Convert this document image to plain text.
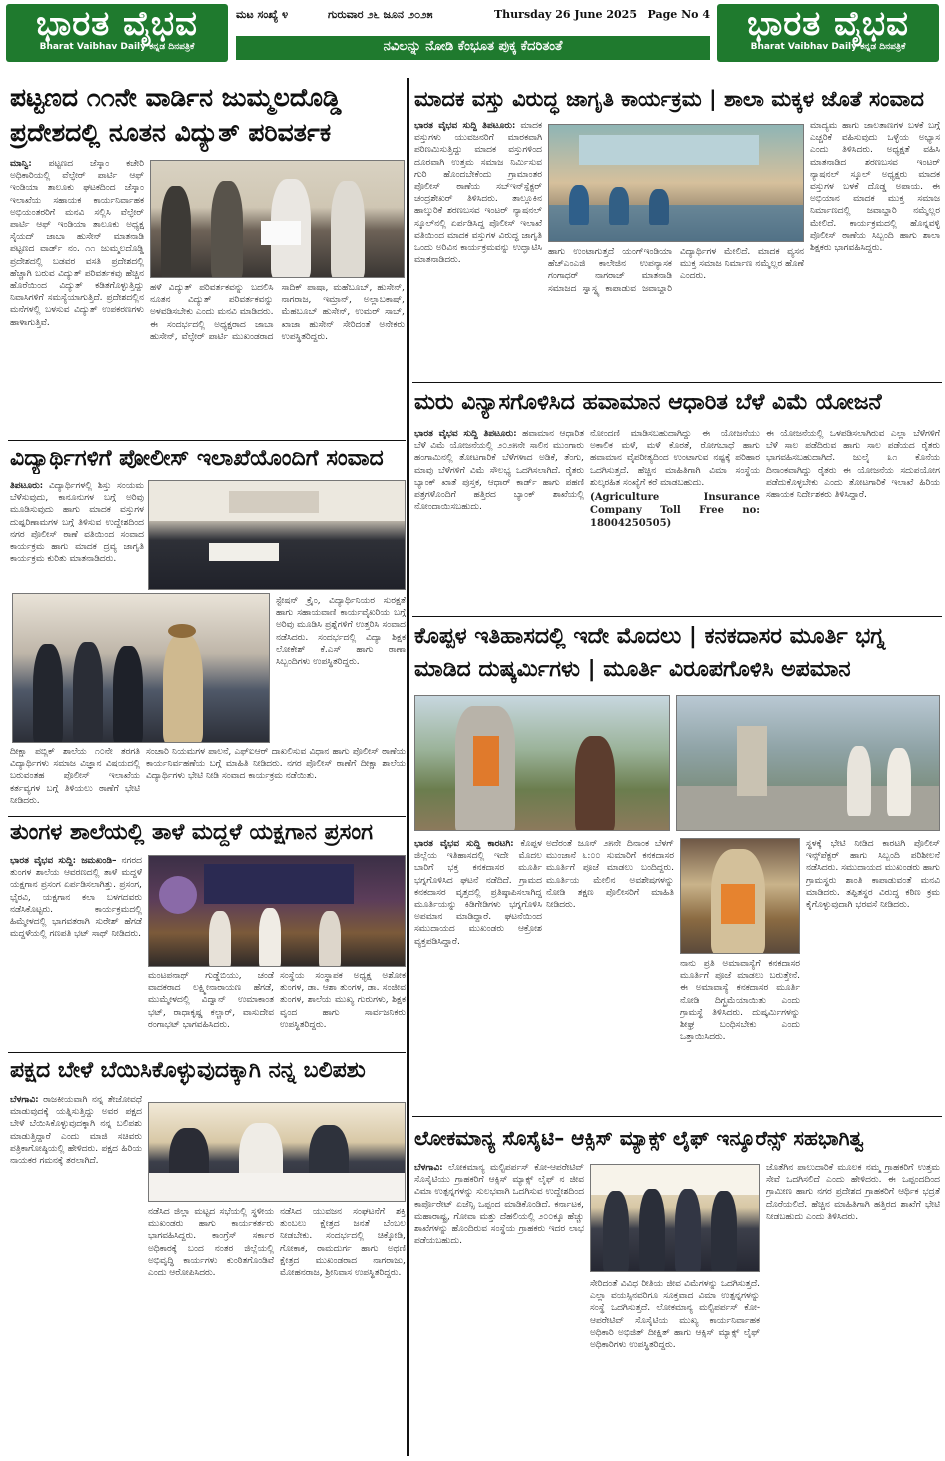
ಭಾರತ ವೈಭವ
Bharat Vaibhav Daily ಕನ್ನಡ ದಿನಪತ್ರಿಕೆ
ಭಾರತ ವೈಭವ
Bharat Vaibhav Daily ಕನ್ನಡ ದಿನಪತ್ರಿಕೆ
ಮಟ ಸಂಖ್ಯೆ ೪	ಗುರುವಾರ ೨೬ ಜೂನ ೨೦೨೫	Thursday 26 June 2025 Page No 4
ನವಿಲನ್ನು ನೋಡಿ ಕೆಂಭೂತ ಪುಕ್ಕ ಕೆದರಿತಂತೆ
ಪಟ್ಟಣದ ೧೧ನೇ ವಾರ್ಡಿನ ಜುಮ್ಮಲದೊಡ್ಡಿ ಪ್ರದೇಶದಲ್ಲಿ ನೂತನ ವಿದ್ಯುತ್ ಪರಿವರ್ತಕ
ಮಾನ್ವಿ: ಪಟ್ಟಣದ ಜೆಸ್ಕಾಂ ಕಚೇರಿ ಅಧಿಕಾರಿಯಲ್ಲಿ ವೆಲ್ಫೇರ್ ಪಾರ್ಟಿ ಆಫ್ ಇಂಡಿಯಾ ತಾಲೂಕು ಘಟಕದಿಂದ ಜೆಸ್ಕಾಂ ಇಲಾಖೆಯ ಸಹಾಯಕ ಕಾರ್ಯನಿರ್ವಾಹಕ ಅಭಿಯಂತರರಿಗೆ ಮನವಿ ಸಲ್ಲಿಸಿ ವೆಲ್ಫೇರ್ ಪಾರ್ಟಿ ಆಫ್ ಇಂಡಿಯಾ ತಾಲೂಕು ಅಧ್ಯಕ್ಷ ಸೈಯದ್ ಜಾಬಾ ಹುಸೇನ್ ಮಾತನಾಡಿ ಪಟ್ಟಣದ ವಾರ್ಡ್ ನಂ. ೧೧ ಜುಮ್ಮಲದೊಡ್ಡಿ ಪ್ರದೇಶದಲ್ಲಿ ಬಡವರ ವಸತಿ ಪ್ರದೇಶದಲ್ಲಿ ಹೆಚ್ಚಾಗಿ ಬರುವ ವಿದ್ಯುತ್ ಪರಿವರ್ತಕವು ಹೆಚ್ಚಿನ ಹೊರೆಯಿಂದ ವಿದ್ಯುತ್ ಕಡಿತಗೊಳ್ಳುತ್ತಿದ್ದು ನಿವಾಸಿಗಳಿಗೆ ಸಮಸ್ಯೆಯಾಗುತ್ತಿದೆ. ಪ್ರದೇಶದಲ್ಲಿನ ಮನೆಗಳಲ್ಲಿ ಬಳಸುವ ವಿದ್ಯುತ್ ಉಪಕರಣಗಳು ಹಾಳಾಗುತ್ತಿವೆ.
ಹಳೆ ವಿದ್ಯುತ್ ಪರಿವರ್ತಕವನ್ನು ಬದಲಿಸಿ ನೂತನ ವಿದ್ಯುತ್ ಪರಿವರ್ತಕವನ್ನು ಅಳವಡಿಸಬೇಕು ಎಂದು ಮನವಿ ಮಾಡಿದರು. ಈ ಸಂದರ್ಭದಲ್ಲಿ ಅಧ್ಯಕ್ಷರಾದ ಜಾಬಾ ಹುಸೇನ್, ವೆಲ್ಫೇರ್ ಪಾರ್ಟಿ ಮುಖಂಡರಾದ ಸಾದಿಕ್ ಪಾಷಾ, ಮಹೆಬೂಬ್, ಹುಸೇನ್, ನಾಗರಾಜ, ಇಮ್ರಾನ್, ಅಲ್ಲಾಬಕಾಷ್, ಮೆಹಬೂಬ್ ಹುಸೇನ್, ಉಮರ್ ಸಾಬ್, ಖಾಜಾ ಹುಸೇನ್ ಸೇರಿದಂತೆ ಅನೇಕರು ಉಪಸ್ಥಿತರಿದ್ದರು.
ವಿದ್ಯಾರ್ಥಿಗಳಿಗೆ ಪೋಲೀಸ್ ಇಲಾಖೆಯೊಂದಿಗೆ ಸಂವಾದ
ತಿಪಟೂರು: ವಿದ್ಯಾರ್ಥಿಗಳಲ್ಲಿ ಶಿಸ್ತು ಸಂಯಮ ಬೆಳೆಸುವುದು, ಕಾನೂನುಗಳ ಬಗ್ಗೆ ಅರಿವು ಮೂಡಿಸುವುದು ಹಾಗು ಮಾದಕ ವಸ್ತುಗಳ ದುಷ್ಪರಿಣಾಮಗಳ ಬಗ್ಗೆ ತಿಳಿಸುವ ಉದ್ದೇಶದಿಂದ ನಗರ ಪೊಲೀಸ್ ಠಾಣೆ ವತಿಯಿಂದ ಸಂವಾದ ಕಾರ್ಯಕ್ರಮ ಹಾಗು ಮಾದಕ ದ್ರವ್ಯ ಜಾಗೃತಿ ಕಾರ್ಯಕ್ರಮ ಕುರಿತು ಮಾತನಾಡಿದರು.
ಸ್ಟೇಷನ್ ಕ್ರೈಂ, ವಿದ್ಯಾರ್ಥಿನಿಯರ ಸುರಕ್ಷತೆ ಹಾಗು ಸಹಾಯವಾಣಿ ಕಾರ್ಯವೈಖರಿಯ ಬಗ್ಗೆ ಅರಿವು ಮೂಡಿಸಿ ಪ್ರಶ್ನೆಗಳಿಗೆ ಉತ್ತರಿಸಿ ಸಂವಾದ ನಡೆಸಿದರು. ಸಂದರ್ಭದಲ್ಲಿ ವಿದ್ಯಾ ಶಿಕ್ಷಕ ಲೋಕೇಶ್ ಕೆ.ಎಸ್ ಹಾಗು ಠಾಣಾ ಸಿಬ್ಬಂದಿಗಳು ಉಪಸ್ಥಿತರಿದ್ದರು.
ದೀಕ್ಷಾ ಪಬ್ಲಿಕ್ ಶಾಲೆಯ ೧೦ನೇ ತರಗತಿ ವಿದ್ಯಾರ್ಥಿಗಳು ಸಮಾಜ ವಿಜ್ಞಾನ ವಿಷಯದಲ್ಲಿ ಬರುವಂತಹ ಪೊಲೀಸ್ ಇಲಾಖೆಯ ಕರ್ತವ್ಯಗಳ ಬಗ್ಗೆ ತಿಳಿಯಲು ಠಾಣೆಗೆ ಭೇಟಿ ನೀಡಿದರು.
ಸಂಚಾರಿ ನಿಯಮಗಳ ಪಾಲನೆ, ಎಫ್‌ಐಆರ್ ದಾಖಲಿಸುವ ವಿಧಾನ ಹಾಗು ಪೊಲೀಸ್ ಠಾಣೆಯ ಕಾರ್ಯನಿರ್ವಹಣೆಯ ಬಗ್ಗೆ ಮಾಹಿತಿ ನೀಡಿದರು. ನಗರ ಪೊಲೀಸ್ ಠಾಣೆಗೆ ದೀಕ್ಷಾ ಶಾಲೆಯ ವಿದ್ಯಾರ್ಥಿಗಳು ಭೇಟಿ ನೀಡಿ ಸಂವಾದ ಕಾರ್ಯಕ್ರಮ ನಡೆಯಿತು.
ತುಂಗಳ ಶಾಲೆಯಲ್ಲಿ ತಾಳೆ ಮದ್ದಳೆ ಯಕ್ಷಗಾನ ಪ್ರಸಂಗ
ಭಾರತ ವೈಭವ ಸುದ್ದಿ: ಜಮಖಂಡಿ– ನಗರದ ತುಂಗಳ ಶಾಲೆಯ ಆವರಣದಲ್ಲಿ ತಾಳೆ ಮದ್ದಳೆ ಯಕ್ಷಗಾನ ಪ್ರಸಂಗ ಏರ್ಪಡಿಸಲಾಗಿತ್ತು. ಪ್ರಸಂಗ, ಭೈರವಿ, ಯಕ್ಷಗಾನ ಕಲಾ ಬಳಗದವರು ನಡೆಸಿಕೊಟ್ಟರು. ಕಾರ್ಯಕ್ರಮದಲ್ಲಿ ಹಿಮ್ಮೇಳದಲ್ಲಿ ಭಾಗವತರಾಗಿ ಸುರೇಶ್ ಹೆಗಡೆ ಮದ್ದಳೆಯಲ್ಲಿ ಗಣಪತಿ ಭಟ್ ಸಾಥ್ ನೀಡಿದರು.
ಮಂಟಪನಾಥ್ ಗುಡ್ಡೆಬಿಯು, ಚಂಡೆ ವಾದಕರಾದ ಲಕ್ಷ್ಮೀನಾರಾಯಣ ಹೆಗಡೆ, ಮುಮ್ಮೇಳದಲ್ಲಿ ವಿದ್ವಾನ್ ಉಮಾಕಾಂತ ಭಟ್, ರಾಧಾಕೃಷ್ಣ ಕಲ್ಚಾರ್, ವಾಸುದೇವ ರಂಗಾಭಟ್ ಭಾಗವಹಿಸಿದರು.
ಸಂಸ್ಥೆಯ ಸಂಸ್ಥಾಪಕ ಅಧ್ಯಕ್ಷ ಅಶೋಕ ತುಂಗಳ, ಡಾ. ಆಶಾ ತುಂಗಳ, ಡಾ. ಸಂಜೀವ ತುಂಗಳ, ಶಾಲೆಯ ಮುಖ್ಯ ಗುರುಗಳು, ಶಿಕ್ಷಕ ವೃಂದ ಹಾಗು ಸಾರ್ವಜನಿಕರು ಉಪಸ್ಥಿತರಿದ್ದರು.
ಪಕ್ಷದ ಬೇಳೆ ಬೆಯಿಸಿಕೊಳ್ಳುವುದಕ್ಕಾಗಿ ನನ್ನ ಬಲಿಪಶು
ಬೆಳಗಾವಿ: ರಾಜಕೀಯವಾಗಿ ನನ್ನ ತೇಜೋವಧೆ ಮಾಡುವುದಕ್ಕೆ ಯತ್ನಿಸುತ್ತಿದ್ದು ಅವರ ಪಕ್ಷದ ಬೇಳೆ ಬೆಯಿಸಿಕೊಳ್ಳುವುದಕ್ಕಾಗಿ ನನ್ನ ಬಲಿಪಶು ಮಾಡುತ್ತಿದ್ದಾರೆ ಎಂದು ಮಾಜಿ ಸಚಿವರು ಪತ್ರಿಕಾಗೋಷ್ಠಿಯಲ್ಲಿ ಹೇಳಿದರು. ಪಕ್ಷದ ಹಿರಿಯ ನಾಯಕರ ಗಮನಕ್ಕೆ ತರಲಾಗಿದೆ.
ನಡೆಸಿದ ಜಿಲ್ಲಾ ಮಟ್ಟದ ಸಭೆಯಲ್ಲಿ ಸ್ಥಳೀಯ ಮುಖಂಡರು ಹಾಗು ಕಾರ್ಯಕರ್ತರು ಭಾಗವಹಿಸಿದ್ದರು. ಕಾಂಗ್ರೆಸ್ ಸರ್ಕಾರ ಅಧಿಕಾರಕ್ಕೆ ಬಂದ ನಂತರ ಜಿಲ್ಲೆಯಲ್ಲಿ ಅಭಿವೃದ್ಧಿ ಕಾರ್ಯಗಳು ಕುಂಠಿತಗೊಂಡಿವೆ ಎಂದು ಆರೋಪಿಸಿದರು.
ನಡೆಸಿದ ಯುವಜನ ಸಂಘಟನೆಗೆ ಶಕ್ತಿ ತುಂಬಲು ಕ್ಷೇತ್ರದ ಜನತೆ ಬೆಂಬಲ ನೀಡಬೇಕು. ಸಂದರ್ಭದಲ್ಲಿ ಚಿಕ್ಕೋಡಿ, ಗೋಕಾಕ, ರಾಮದುರ್ಗ ಹಾಗು ಅಥಣಿ ಕ್ಷೇತ್ರದ ಮುಖಂಡರಾದ ನಾಗರಾಜು, ಮೋಹನರಾಜ, ಶ್ರೀನಿವಾಸ ಉಪಸ್ಥಿತರಿದ್ದರು.
ಮಾದಕ ವಸ್ತು ವಿರುದ್ಧ ಜಾಗೃತಿ ಕಾರ್ಯಕ್ರಮ | ಶಾಲಾ ಮಕ್ಕಳ ಜೊತೆ ಸಂವಾದ
ಭಾರತ ವೈಭವ ಸುದ್ದಿ ತಿಪಟೂರು: ಮಾದಕ ವಸ್ತುಗಳು ಯುವಜನರಿಗೆ ಮಾರಕವಾಗಿ ಪರಿಣಮಿಸುತ್ತಿದ್ದು ಮಾದಕ ವಸ್ತುಗಳಿಂದ ದೂರವಾಗಿ ಉತ್ತಮ ಸಮಾಜ ನಿರ್ಮಿಸುವ ಗುರಿ ಹೊಂದಬೇಕೆಂದು ಗ್ರಾಮಾಂತರ ಪೊಲೀಸ್ ಠಾಣೆಯ ಸಬ್‌ಇನ್‌ಸ್ಪೆಕ್ಟರ್ ಚಂದ್ರಶೇಖರ್ ತಿಳಿಸಿದರು. ತಾಲ್ಲೂಕಿನ ಹಾಲ್ಕುರಿಕೆ ಶರಣಬಸವ ಇಂಟರ್ ನ್ಯಾಷನಲ್ ಸ್ಕೂಲ್‌ನಲ್ಲಿ ಏರ್ಪಡಿಸಿದ್ದ ಪೊಲೀಸ್ ಇಲಾಖೆ ವತಿಯಿಂದ ಮಾದಕ ವಸ್ತುಗಳ ವಿರುದ್ಧ ಜಾಗೃತಿ ಒಂದು ಅರಿವಿನ ಕಾರ್ಯಕ್ರಮವನ್ನು ಉದ್ಘಾಟಿಸಿ ಮಾತನಾಡಿದರು.
ಹಾಗು ಉಂಟಾಗುತ್ತದೆ ಯಂಗ್ಇಂಡಿಯಾ ಹೆಚ್‌ಎಂಎಜಿ ಕಾಲೇಜಿನ ಉಪನ್ಯಾಸಕ ಗಂಗಾಧರ್ ನಾಗರಾಜ್ ಮಾತನಾಡಿ ಸಮಾಜದ ಸ್ವಾಸ್ಥ್ಯ ಕಾಪಾಡುವ ಜವಾಬ್ದಾರಿ ವಿದ್ಯಾರ್ಥಿಗಳ ಮೇಲಿದೆ. ಮಾದಕ ವ್ಯಸನ ಮುಕ್ತ ಸಮಾಜ ನಿರ್ಮಾಣ ನಮ್ಮೆಲ್ಲರ ಹೊಣೆ ಎಂದರು.
ಮಾದ್ಯಮ ಹಾಗು ಜಾಲತಾಣಗಳ ಬಳಕೆ ಬಗ್ಗೆ ಎಚ್ಚರಿಕೆ ವಹಿಸುವುದು ಒಳ್ಳೆಯ ಅಭ್ಯಾಸ ಎಂದು ತಿಳಿಸಿದರು. ಅಧ್ಯಕ್ಷತೆ ವಹಿಸಿ ಮಾತನಾಡಿದ ಶರಣಬಸವ ಇಂಟರ್ ನ್ಯಾಷನಲ್ ಸ್ಕೂಲ್ ಅಧ್ಯಕ್ಷರು ಮಾದಕ ವಸ್ತುಗಳ ಬಳಕೆ ದೊಡ್ಡ ಅಪಾಯ. ಈ ಅಭಿಯಾನ ಮಾದಕ ಮುಕ್ತ ಸಮಾಜ ನಿರ್ಮಾಣದಲ್ಲಿ ಜವಾಬ್ದಾರಿ ನಮ್ಮೆಲ್ಲರ ಮೇಲಿದೆ. ಕಾರ್ಯಕ್ರಮದಲ್ಲಿ ಹೊನ್ನವಳ್ಳಿ ಪೊಲೀಸ್ ಠಾಣೆಯ ಸಿಬ್ಬಂದಿ ಹಾಗು ಶಾಲಾ ಶಿಕ್ಷಕರು ಭಾಗವಹಿಸಿದ್ದರು.
ಮರು ವಿನ್ಯಾಸಗೊಳಿಸಿದ ಹವಾಮಾನ ಆಧಾರಿತ ಬೆಳೆ ವಿಮೆ ಯೋಜನೆ
ಭಾರತ ವೈಭವ ಸುದ್ದಿ ತಿಪಟೂರು: ಹವಾಮಾನ ಆಧಾರಿತ ಬೆಳೆ ವಿಮೆ ಯೋಜನೆಯಲ್ಲಿ ೨೦೨೫ನೇ ಸಾಲಿನ ಮುಂಗಾರು ಹಂಗಾಮಿನಲ್ಲಿ ತೋಟಗಾರಿಕೆ ಬೆಳೆಗಳಾದ ಅಡಿಕೆ, ತೆಂಗು, ಮಾವು ಬೆಳೆಗಳಿಗೆ ವಿಮೆ ಸೌಲಭ್ಯ ಒದಗಿಸಲಾಗಿದೆ. ರೈತರು ಬ್ಯಾಂಕ್ ಖಾತೆ ಪುಸ್ತಕ, ಆಧಾರ್ ಕಾರ್ಡ್ ಹಾಗು ಪಹಣಿ ಪತ್ರಗಳೊಂದಿಗೆ ಹತ್ತಿರದ ಬ್ಯಾಂಕ್ ಶಾಖೆಯಲ್ಲಿ ನೋಂದಾಯಿಸಬಹುದು.
ನೋಂದಣಿ ಮಾಡಿಸಬಹುದಾಗಿದ್ದು ಈ ಯೋಜನೆಯು ಅಕಾಲಿಕ ಮಳೆ, ಮಳೆ ಕೊರತೆ, ರೋಗಬಾಧೆ ಹಾಗು ಹವಾಮಾನ ವೈಪರೀತ್ಯದಿಂದ ಉಂಟಾಗುವ ನಷ್ಟಕ್ಕೆ ಪರಿಹಾರ ಒದಗಿಸುತ್ತದೆ. ಹೆಚ್ಚಿನ ಮಾಹಿತಿಗಾಗಿ ವಿಮಾ ಸಂಸ್ಥೆಯ ಶುಲ್ಕರಹಿತ ಸಂಖ್ಯೆಗೆ ಕರೆ ಮಾಡಬಹುದು.
(Agriculture Insurance Company Toll Free no: 18004250505)
ಈ ಯೋಜನೆಯಲ್ಲಿ ಒಳಪಡಿಸಲಾಗಿರುವ ಎಲ್ಲಾ ಬೆಳೆಗಳಿಗೆ ಬೆಳೆ ಸಾಲ ಪಡೆದಿರುವ ಹಾಗು ಸಾಲ ಪಡೆಯದ ರೈತರು ಭಾಗವಹಿಸಬಹುದಾಗಿದೆ. ಜುಲೈ ೩೧ ಕೊನೆಯ ದಿನಾಂಕವಾಗಿದ್ದು ರೈತರು ಈ ಯೋಜನೆಯ ಸದುಪಯೋಗ ಪಡೆದುಕೊಳ್ಳಬೇಕು ಎಂದು ತೋಟಗಾರಿಕೆ ಇಲಾಖೆ ಹಿರಿಯ ಸಹಾಯಕ ನಿರ್ದೇಶಕರು ತಿಳಿಸಿದ್ದಾರೆ.
ಕೊಪ್ಪಳ ಇತಿಹಾಸದಲ್ಲಿ ಇದೇ ಮೊದಲು | ಕನಕದಾಸರ ಮೂರ್ತಿ ಭಗ್ನ ಮಾಡಿದ ದುಷ್ಕರ್ಮಿಗಳು | ಮೂರ್ತಿ ವಿರೂಪಗೊಳಿಸಿ ಅಪಮಾನ
ಭಾರತ ವೈಭವ ಸುದ್ದಿ ಕಾರಟಗಿ: ಕೊಪ್ಪಳ ಜಿಲ್ಲೆಯ ಇತಿಹಾಸದಲ್ಲಿ ಇದೇ ಮೊದಲ ಬಾರಿಗೆ ಭಕ್ತ ಕನಕದಾಸರ ಮೂರ್ತಿ ಭಗ್ನಗೊಳಿಸಿದ ಘಟನೆ ನಡೆದಿದೆ. ಗ್ರಾಮದ ಕನಕದಾಸರ ವೃತ್ತದಲ್ಲಿ ಪ್ರತಿಷ್ಠಾಪಿಸಲಾಗಿದ್ದ ಮೂರ್ತಿಯನ್ನು ಕಿಡಿಗೇಡಿಗಳು ಭಗ್ನಗೊಳಿಸಿ ಅಪಮಾನ ಮಾಡಿದ್ದಾರೆ. ಘಟನೆಯಿಂದ ಸಮುದಾಯದ ಮುಖಂಡರು ಆಕ್ರೋಶ ವ್ಯಕ್ತಪಡಿಸಿದ್ದಾರೆ.
ಅದೆರಂತೆ ಜೂನ್ ೨೫ನೇ ದಿನಾಂಕ ಬೆಳಗ್ ಮುಂಜಾನೆ ೬:೦೦ ಸುಮಾರಿಗೆ ಕನಕದಾಸರ ಮೂರ್ತಿಗೆ ಪೂಜೆ ಮಾಡಲು ಬಂದಿದ್ದರು. ಮೂರ್ತಿಯ ಮೇಲಿನ ಅವಶೇಷಗಳನ್ನು ನೋಡಿ ತಕ್ಷಣ ಪೊಲೀಸರಿಗೆ ಮಾಹಿತಿ ನೀಡಿದರು.
ನಾನು ಪ್ರತಿ ಅಮಾವಾಸ್ಯೆಗೆ ಕನಕದಾಸರ ಮೂರ್ತಿಗೆ ಪೂಜೆ ಮಾಡಲು ಬರುತ್ತೇನೆ. ಈ ಅಮಾವಾಸ್ಯೆ ಕನಕದಾಸರ ಮೂರ್ತಿ ನೋಡಿ ದಿಗ್ಭ್ರಮೆಯಾಯಿತು ಎಂದು ಗ್ರಾಮಸ್ಥೆ ತಿಳಿಸಿದರು. ದುಷ್ಕರ್ಮಿಗಳನ್ನು ಶೀಘ್ರ ಬಂಧಿಸಬೇಕು ಎಂದು ಒತ್ತಾಯಿಸಿದರು.
ಸ್ಥಳಕ್ಕೆ ಭೇಟಿ ನೀಡಿದ ಕಾರಟಗಿ ಪೊಲೀಸ್ ಇನ್ಸ್‌ಪೆಕ್ಟರ್ ಹಾಗು ಸಿಬ್ಬಂದಿ ಪರಿಶೀಲನೆ ನಡೆಸಿದರು. ಸಮುದಾಯದ ಮುಖಂಡರು ಹಾಗು ಗ್ರಾಮಸ್ಥರು ಶಾಂತಿ ಕಾಪಾಡುವಂತೆ ಮನವಿ ಮಾಡಿದರು. ತಪ್ಪಿತಸ್ಥರ ವಿರುದ್ಧ ಕಠಿಣ ಕ್ರಮ ಕೈಗೊಳ್ಳುವುದಾಗಿ ಭರವಸೆ ನೀಡಿದರು.
ಲೋಕಮಾನ್ಯ ಸೊಸೈಟಿ– ಆಕ್ಸಿಸ್ ಮ್ಯಾಕ್ಸ್ ಲೈಫ್ ಇನ್ಶೂರೆನ್ಸ್ ಸಹಭಾಗಿತ್ವ
ಬೆಳಗಾವಿ: ಲೋಕಮಾನ್ಯ ಮಲ್ಟಿಪರ್ಪಸ್ ಕೋ-ಆಪರೇಟಿವ್ ಸೊಸೈಟಿಯು ಗ್ರಾಹಕರಿಗೆ ಆಕ್ಸಿಸ್ ಮ್ಯಾಕ್ಸ್ ಲೈಫ್ ನ ಜೀವ ವಿಮಾ ಉತ್ಪನ್ನಗಳನ್ನು ಸುಲಭವಾಗಿ ಒದಗಿಸುವ ಉದ್ದೇಶದಿಂದ ಕಾರ್ಪೊರೇಟ್ ಏಜೆನ್ಸಿ ಒಪ್ಪಂದ ಮಾಡಿಕೊಂಡಿದೆ. ಕರ್ನಾಟಕ, ಮಹಾರಾಷ್ಟ್ರ, ಗೋವಾ ಮತ್ತು ದೆಹಲಿಯಲ್ಲಿ ೨೦೦ಕ್ಕೂ ಹೆಚ್ಚು ಶಾಖೆಗಳನ್ನು ಹೊಂದಿರುವ ಸಂಸ್ಥೆಯ ಗ್ರಾಹಕರು ಇದರ ಲಾಭ ಪಡೆಯಬಹುದು.
ಸೇರಿದಂತೆ ವಿವಿಧ ರೀತಿಯ ಜೀವ ವಿಮೆಗಳನ್ನು ಒದಗಿಸುತ್ತದೆ. ಎಲ್ಲಾ ವಯಸ್ಸಿನವರಿಗೂ ಸೂಕ್ತವಾದ ವಿಮಾ ಉತ್ಪನ್ನಗಳನ್ನು ಸಂಸ್ಥೆ ಒದಗಿಸುತ್ತದೆ. ಲೋಕಮಾನ್ಯ ಮಲ್ಟಿಪರ್ಪಸ್ ಕೋ-ಆಪರೇಟಿವ್ ಸೊಸೈಟಿಯ ಮುಖ್ಯ ಕಾರ್ಯನಿರ್ವಾಹಕ ಅಧಿಕಾರಿ ಅಭಿಜಿತ್ ದೀಕ್ಷಿತ್ ಹಾಗು ಆಕ್ಸಿಸ್ ಮ್ಯಾಕ್ಸ್ ಲೈಫ್ ಅಧಿಕಾರಿಗಳು ಉಪಸ್ಥಿತರಿದ್ದರು.
ಜೊತೆಗಿನ ಪಾಲುದಾರಿಕೆ ಮೂಲಕ ನಮ್ಮ ಗ್ರಾಹಕರಿಗೆ ಉತ್ತಮ ಸೇವೆ ಒದಗಿಸಲಿದೆ ಎಂದು ಹೇಳಿದರು. ಈ ಒಪ್ಪಂದದಿಂದ ಗ್ರಾಮೀಣ ಹಾಗು ನಗರ ಪ್ರದೇಶದ ಗ್ರಾಹಕರಿಗೆ ಆರ್ಥಿಕ ಭದ್ರತೆ ದೊರೆಯಲಿದೆ. ಹೆಚ್ಚಿನ ಮಾಹಿತಿಗಾಗಿ ಹತ್ತಿರದ ಶಾಖೆಗೆ ಭೇಟಿ ನೀಡಬಹುದು ಎಂದು ತಿಳಿಸಿದರು.
